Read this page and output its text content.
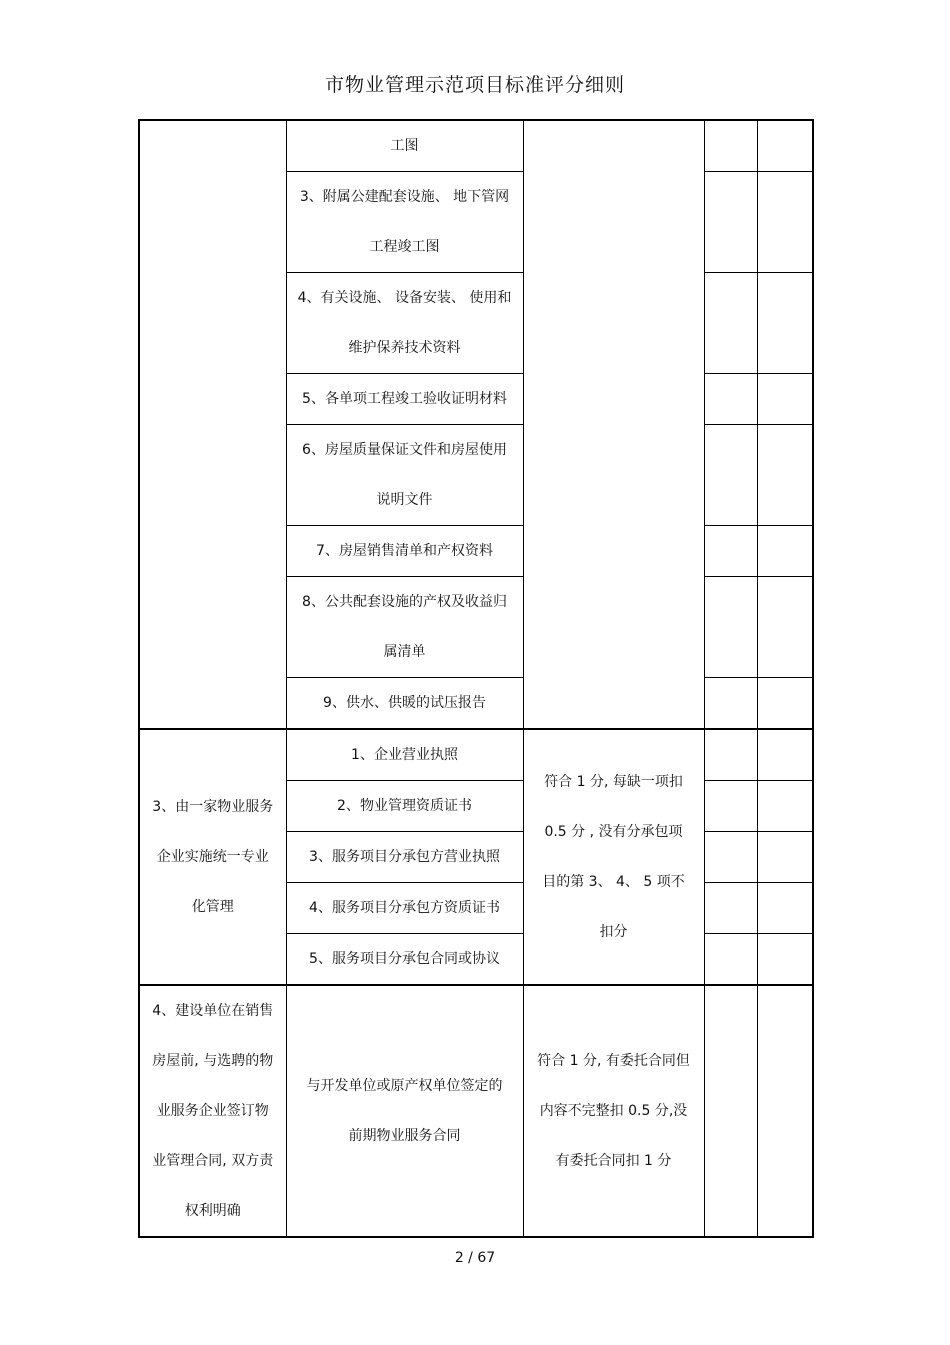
市物业管理示范项目标准评分细则

	工图			

	3、附属公建配套设施、 地下管网
工程竣工图			

	4、有关设施、 设备安装、 使用和
维护保养技术资料			

	5、各单项工程竣工验收证明材料			

	6、房屋质量保证文件和房屋使用
说明文件			

	7、房屋销售清单和产权资料			

	8、公共配套设施的产权及收益归
属清单			

	9、供水、供暖的试压报告			

3、由一家物业服务
企业实施统一专业
化管理	1、企业营业执照	符合 1 分, 每缺一项扣
0.5 分 , 没有分承包项
目的第 3、 4、 5 项不
扣分		

	2、物业管理资质证书			
	3、服务项目分承包方营业执照			
	4、服务项目分承包方资质证书			
	5、服务项目分承包合同或协议			

4、建设单位在销售
房屋前, 与选聘的物
业服务企业签订物
业管理合同, 双方责
权利明确	与开发单位或原产权单位签定的
前期物业服务合同	符合 1 分, 有委托合同但
内容不完整扣 0.5 分,没
有委托合同扣 1 分		

2 / 67
